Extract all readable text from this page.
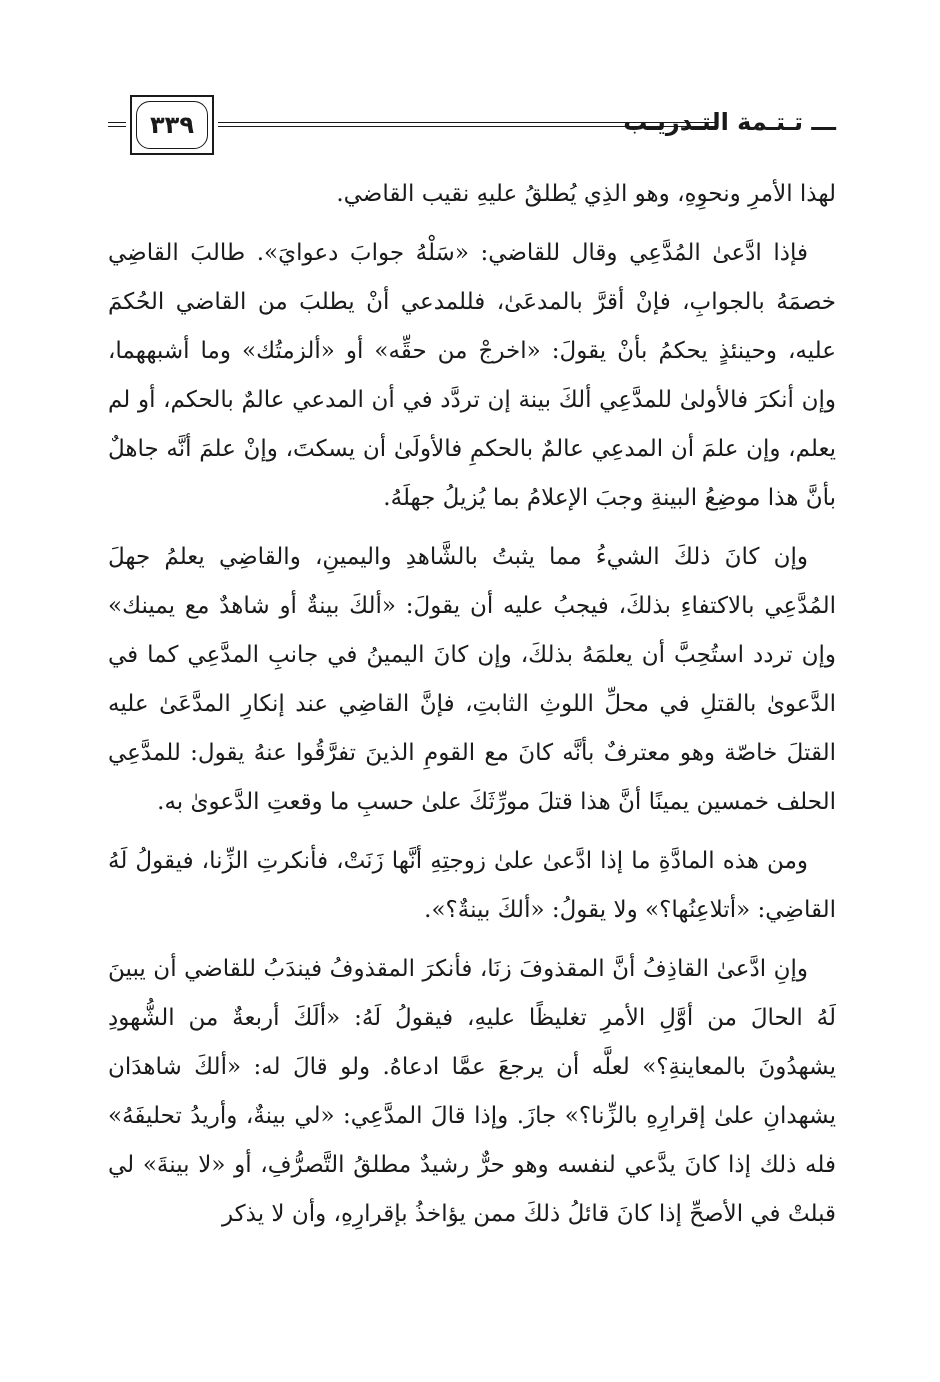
ـــ تـتـمة التـدريـب
٣٣٩

لهذا الأمرِ ونحوِهِ، وهو الذِي يُطلقُ عليهِ نقيب القاضي.

فإذا ادَّعىٰ المُدَّعِي وقال للقاضي: «سَلْهُ جوابَ دعوايَ». طالبَ القاضِي خصمَهُ بالجوابِ، فإنْ أقرَّ بالمدعَىٰ، فللمدعي أنْ يطلبَ من القاضي الحُكمَ عليه، وحينئذٍ يحكمُ بأنْ يقولَ: «اخرجْ من حقِّه» أو «ألزمتُك» وما أشبههما، وإن أنكرَ فالأولىٰ للمدَّعِي ألكَ بينة إن تردَّد في أن المدعي عالمٌ بالحكم، أو لم يعلم، وإن علمَ أن المدعِي عالمٌ بالحكمِ فالأولَىٰ أن يسكتَ، وإنْ علمَ أنَّه جاهلٌ بأنَّ هذا موضِعُ البينةِ وجبَ الإعلامُ بما يُزيلُ جهلَهُ.

وإن كانَ ذلكَ الشيءُ مما يثبتُ بالشَّاهدِ واليمينِ، والقاضِي يعلمُ جهلَ المُدَّعِي بالاكتفاءِ بذلكَ، فيجبُ عليه أن يقولَ: «ألكَ بينةٌ أو شاهدٌ مع يمينك» وإن تردد استُحِبَّ أن يعلمَهُ بذلكَ، وإن كانَ اليمينُ في جانبِ المدَّعِي كما في الدَّعوىٰ بالقتلِ في محلِّ اللوثِ الثابتِ، فإنَّ القاضِي عند إنكارِ المدَّعَىٰ عليه القتلَ خاصّة وهو معترفٌ بأنَّه كانَ مع القومِ الذينَ تفرَّقُوا عنهُ يقول: للمدَّعِي الحلف خمسين يمينًا أنَّ هذا قتلَ مورِّثَكَ علىٰ حسبِ ما وقعتِ الدَّعوىٰ به.

ومن هذه المادَّةِ ما إذا ادَّعىٰ علىٰ زوجتِهِ أنَّها زَنَتْ، فأنكرتِ الزِّنا، فيقولُ لَهُ القاضِي: «أتلاعِنُها؟» ولا يقولُ: «ألكَ بينةٌ؟».

وإنِ ادَّعىٰ القاذِفُ أنَّ المقذوفَ زنَا، فأنكرَ المقذوفُ فيندَبُ للقاضي أن يبينَ لَهُ الحالَ من أوَّلِ الأمرِ تغليظًا عليهِ، فيقولُ لَهُ: «ألَكَ أربعةٌ من الشُّهودِ يشهدُونَ بالمعاينةِ؟» لعلَّه أن يرجعَ عمَّا ادعاهُ. ولو قالَ له: «ألكَ شاهدَان يشهدانِ علىٰ إقرارِهِ بالزِّنا؟» جازَ. وإذا قالَ المدَّعِي: «لي بينةٌ، وأريدُ تحليفَهُ» فله ذلك إذا كانَ يدَّعي لنفسه وهو حرٌّ رشيدٌ مطلقُ التَّصرُّفِ، أو «لا بينةَ» لي قبلتْ في الأصحِّ إذا كانَ قائلُ ذلكَ ممن يؤاخذُ بإقرارِهِ، وأن لا يذكر
